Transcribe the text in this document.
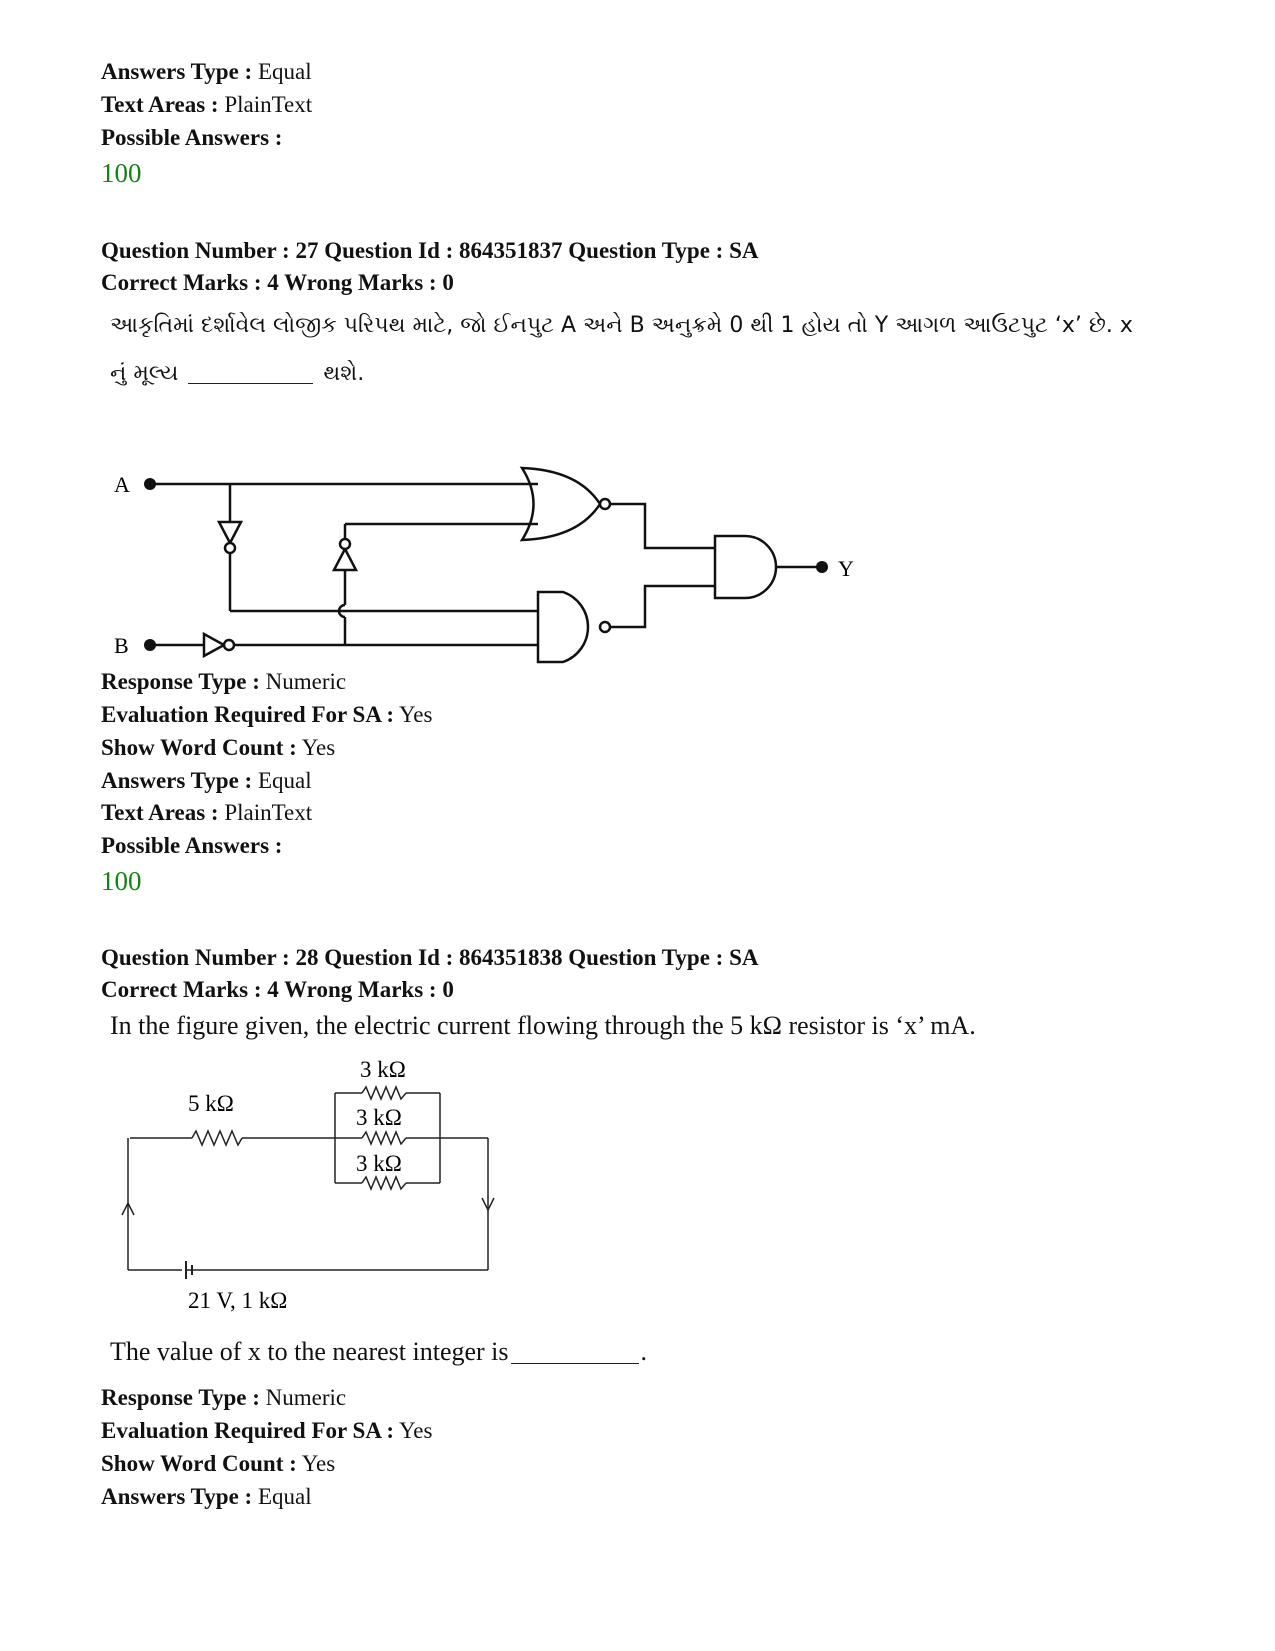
Answers Type : Equal
Text Areas : PlainText
Possible Answers :
100
Question Number : 27 Question Id : 864351837 Question Type : SA
Correct Marks : 4 Wrong Marks : 0
આકૃતિમાં દર્શાવેલ લોજીક પરિપથ માટે, જો ઈનપુટ A અને B અનુક્રમે 0 થી 1 હોય તો Y આગળ આઉટપુટ ‘x’ છે. x
નું મૂલ્ય	થશે.
A
B
Y
Response Type : Numeric
Evaluation Required For SA : Yes
Show Word Count : Yes
Answers Type : Equal
Text Areas : PlainText
Possible Answers :
100
Question Number : 28 Question Id : 864351838 Question Type : SA
Correct Marks : 4 Wrong Marks : 0
In the figure given, the electric current flowing through the 5 kΩ resistor is ‘x’ mA.
3 kΩ
3 kΩ
3 kΩ
5 kΩ
21 V, 1 kΩ
The value of x to the nearest integer is	.
Response Type : Numeric
Evaluation Required For SA : Yes
Show Word Count : Yes
Answers Type : Equal
